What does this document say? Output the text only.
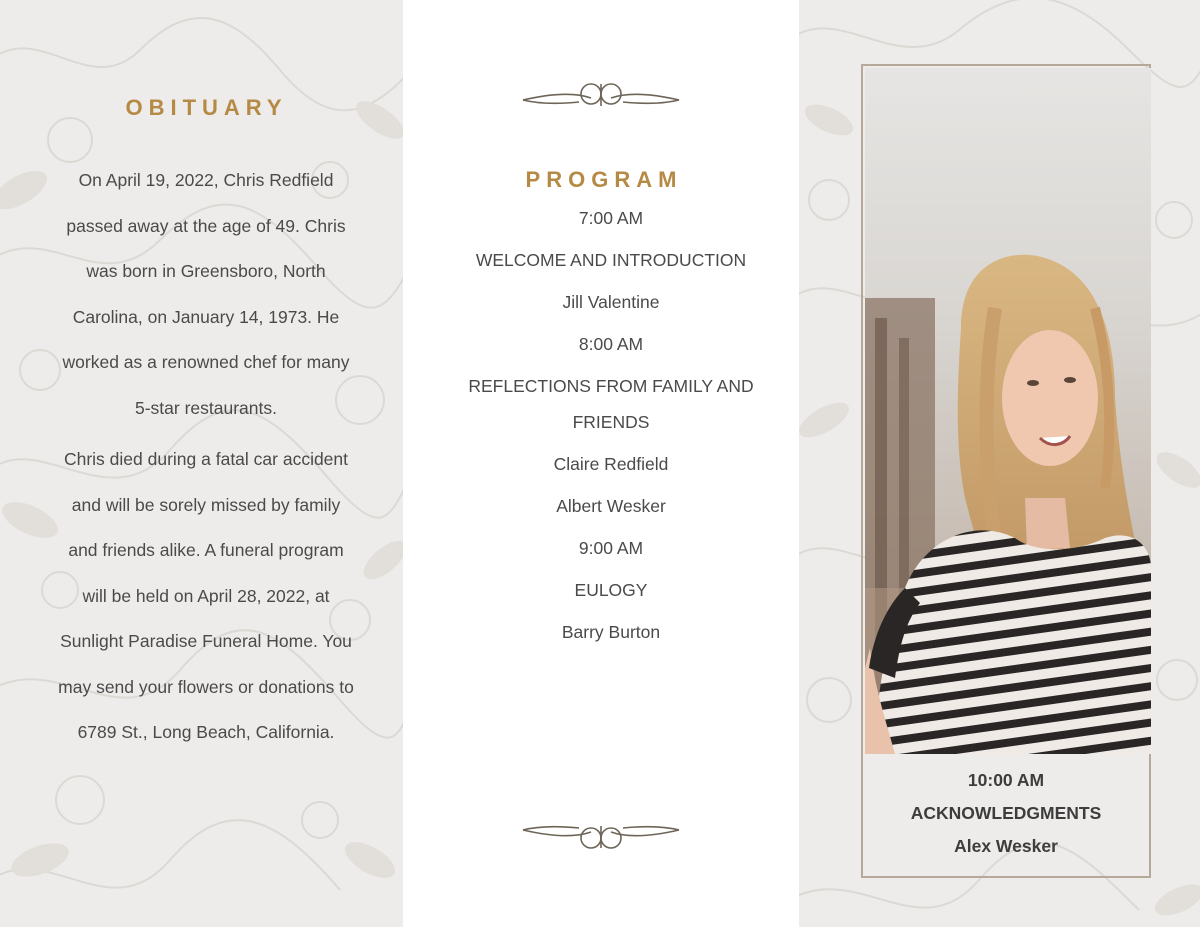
OBITUARY

On April 19, 2022, Chris Redfield passed away at the age of 49. Chris was born in Greensboro, North Carolina, on January 14, 1973. He worked as a renowned chef for many 5-star restaurants.

Chris died during a fatal car accident and will be sorely missed by family and friends alike. A funeral program will be held on April 28, 2022, at Sunlight Paradise Funeral Home. You may send your flowers or donations to 6789 St., Long Beach, California.

PROGRAM
7:00 AM
WELCOME AND INTRODUCTION
Jill Valentine
8:00 AM
REFLECTIONS FROM FAMILY AND FRIENDS
Claire Redfield
Albert Wesker
9:00 AM
EULOGY
Barry Burton
10:00 AM
ACKNOWLEDGMENTS
Alex Wesker
